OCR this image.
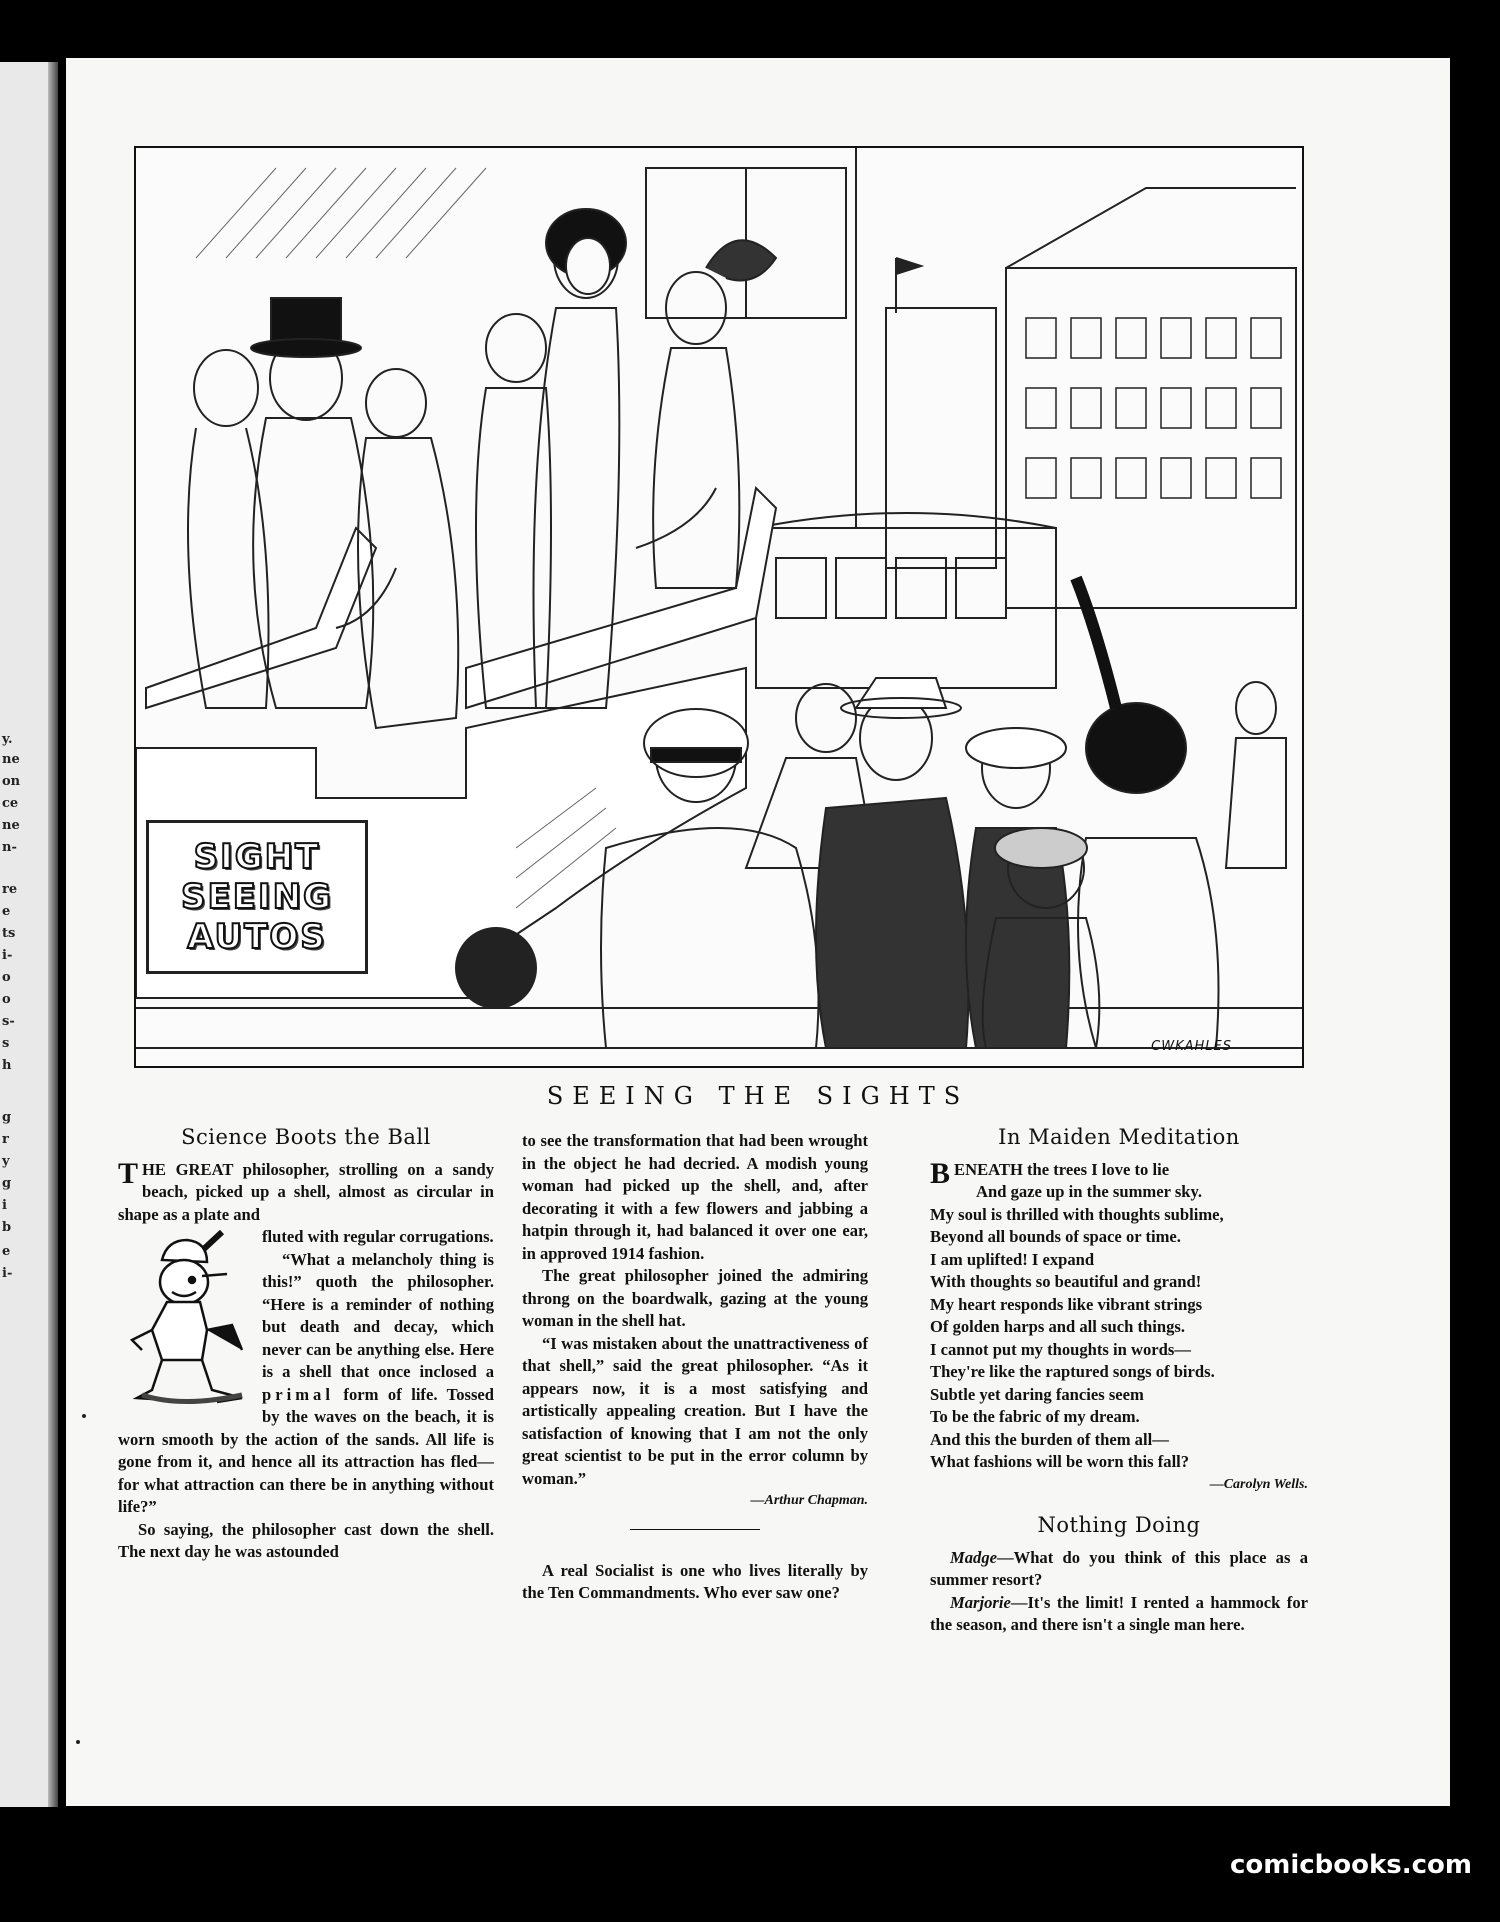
y.
ne
on
ce
ne
n-
re
e
ts
i-
o
o
s-
s
h
g
r
y
g
i
b
e
i-
SIGHT
SEEING
AUTOS
CWKAHLES
SEEING THE SIGHTS
Science Boots the Ball

THE GREAT philosopher, strolling on a sandy beach, picked up a shell, almost as circular in shape as a plate and

fluted with regular corrugations.

“What a melancholy thing is this!” quoth the philosopher. “Here is a reminder of nothing but death and decay, which never can be anything else. Here is a shell that once inclosed a primal form of life. Tossed by the waves on the beach, it is worn smooth by the action of the sands. All life is gone from it, and hence all its attraction has fled—for what attraction can there be in anything without life?”

So saying, the philosopher cast down the shell. The next day he was astounded

to see the transformation that had been wrought in the object he had decried. A modish young woman had picked up the shell, and, after decorating it with a few flowers and jabbing a hatpin through it, had balanced it over one ear, in approved 1914 fashion.

The great philosopher joined the admiring throng on the boardwalk, gazing at the young woman in the shell hat.

“I was mistaken about the unattractiveness of that shell,” said the great philosopher. “As it appears now, it is a most satisfying and artistically appealing creation. But I have the satisfaction of knowing that I am not the only great scientist to be put in the error column by woman.”

—Arthur Chapman.

A real Socialist is one who lives literally by the Ten Commandments. Who ever saw one?

In Maiden Meditation

BENEATH the trees I love to lie

And gaze up in the summer sky.

My soul is thrilled with thoughts sublime,

Beyond all bounds of space or time.

I am uplifted! I expand

With thoughts so beautiful and grand!

My heart responds like vibrant strings

Of golden harps and all such things.

I cannot put my thoughts in words—

They're like the raptured songs of birds.

Subtle yet daring fancies seem

To be the fabric of my dream.

And this the burden of them all—

What fashions will be worn this fall?

—Carolyn Wells.

Nothing Doing

Madge—What do you think of this place as a summer resort?

Marjorie—It's the limit! I rented a hammock for the season, and there isn't a single man here.

comicbooks.com
